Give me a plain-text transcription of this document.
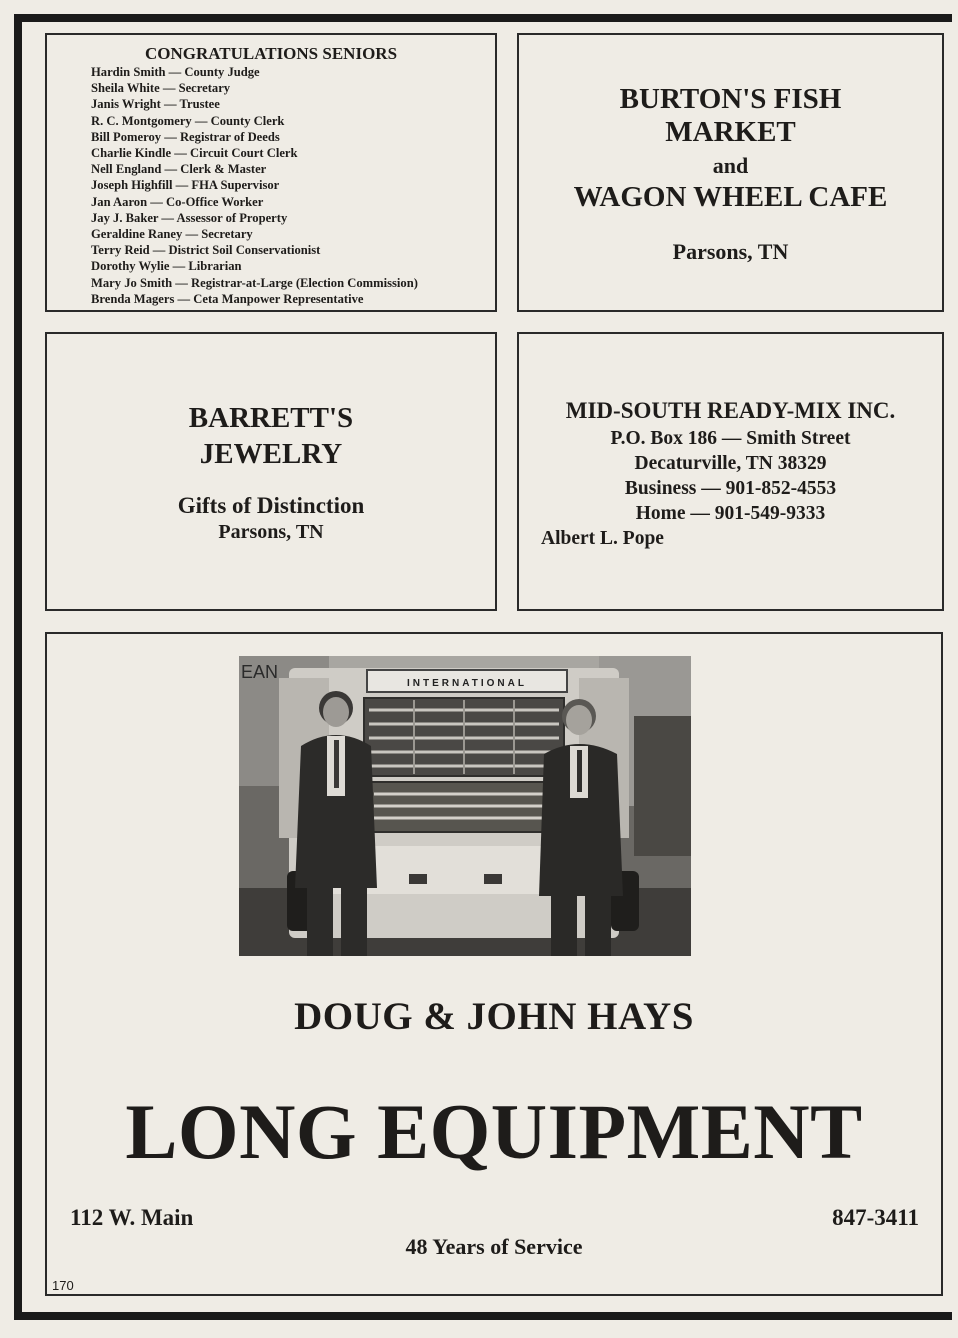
CONGRATULATIONS SENIORS
Hardin Smith — County Judge
Sheila White — Secretary
Janis Wright — Trustee
R. C. Montgomery — County Clerk
Bill Pomeroy — Registrar of Deeds
Charlie Kindle — Circuit Court Clerk
Nell England — Clerk & Master
Joseph Highfill — FHA Supervisor
Jan Aaron — Co-Office Worker
Jay J. Baker — Assessor of Property
Geraldine Raney — Secretary
Terry Reid — District Soil Conservationist
Dorothy Wylie — Librarian
Mary Jo Smith — Registrar-at-Large (Election Commission)
Brenda Magers — Ceta Manpower Representative
BURTON'S FISH
MARKET
and
WAGON WHEEL CAFE
Parsons, TN
BARRETT'S
JEWELRY
Gifts of Distinction
Parsons, TN
MID-SOUTH READY-MIX INC.
P.O. Box 186 — Smith Street
Decaturville, TN 38329
Business — 901-852-4553
Home — 901-549-9333
Albert L. Pope
INTERNATIONAL
EAN
DOUG & JOHN HAYS
LONG EQUIPMENT
112 W. Main	847-3411
48 Years of Service
170
